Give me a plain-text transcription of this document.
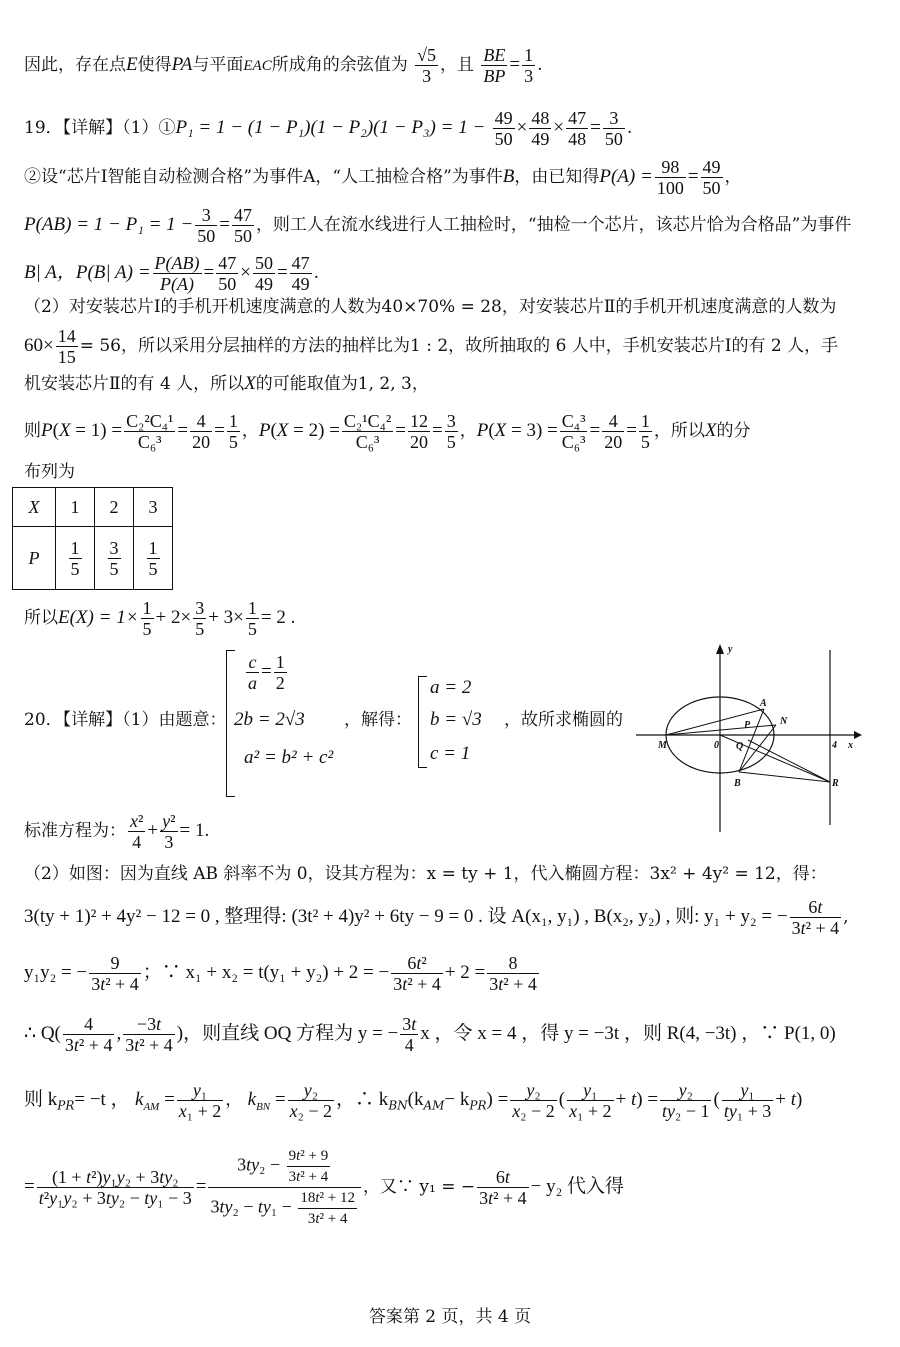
因此，存在点E使得PA与平面EAC所成角的余弦值为 $\frac{√5}{3}$ ，且 $\frac{BE}{BP} = \frac{1}{3}$ .
19．【详解】（1）①P₁ = $1 - (1 - P_1)(1 - P_2)(1 - P_3) = 1 - \frac{49}{50} \times \frac{48}{49} \times \frac{47}{48} = \frac{3}{50}$ .
②设“芯片Ⅰ智能自动检测合格”为事件A，“人工抽检合格”为事件B，由已知得$P(A) = \frac{98}{100} = \frac{49}{50}$ ，
$P(AB) = 1 - P_1 = 1 - \frac{3}{50} = \frac{47}{50}$ ，则工人在流水线进行人工抽检时，“抽检一个芯片，该芯片恰为合格品”为事件
B| A，P(B| $A) = \frac{P(AB)}{P(A)} = \frac{47}{50} \times \frac{50}{49} = \frac{47}{49}$ .
（2）对安装芯片Ⅰ的手机开机速度满意的人数为40×70% = 28，对安装芯片Ⅱ的手机开机速度满意的人数为
$60\times \frac{14}{15} = 56$，所以采用分层抽样的方法的抽样比为1 : 2，故所抽取的 6 人中，手机安装芯片Ⅰ的有 2 人，手
机安装芯片Ⅱ的有 4 人，所以X的可能取值为1, 2, 3，
则$P(X = 1) = \frac{\text{C₂²C₄¹}}{\text{C₆³}} = \frac{4}{20} = \frac{1}{5}$ ，$P(X = 2) = \frac{\text{C₂¹C₄²}}{\text{C₆³}} = \frac{12}{20} = \frac{3}{5}$ ，$P(X = 3) = \frac{\text{C₄³}}{\text{C₆³}} = \frac{4}{20} = \frac{1}{5}$ ，所以X的分
布列为
X	1	2	3
P	$\frac{1}{5}$	$\frac{3}{5}$	$\frac{1}{5}$
所以$E(X) = 1\times \frac{1}{5} + 2\times \frac{3}{5} + 3\times \frac{1}{5} = 2$ .
$\frac{c}{a} = \frac{1}{2}$
2b = 2√3
a² = b² + c²
20．【详解】（1）由题意：	，解得：
a = 2
b = √3
c = 1
，故所求椭圆的
标准方程为： $\frac{\text{x²}}{4} + \frac{\text{y²}}{3} = 1$.
y
x
M	0
A
N
P
Q
B	R
4
（2）如图：因为直线 AB 斜率不为 0，设其方程为：x = ty + 1，代入椭圆方程：3x² + 4y² = 12，得：
3(ty + 1)² + 4y² − 12 = 0 , 整理得: (3t² + 4)y² + 6ty − 9 = 0 . 设 A(x₁, y₁) , B(x₂, y₂) , 则: y₁ + y₂ = − $\frac{6t}{\text{3t² + 4}}$ ,
y₁y₂ = − $\frac{9}{\text{3t² + 4}}$ ；∵ x₁ + x₂ = t(y₁ + y₂) + 2 = − $\frac{\text{6t²}}{\text{3t² + 4}} + 2 = \frac{8}{\text{3t² + 4}}$
∴ $Q( \frac{4}{\text{3t² + 4}}$ , $\frac{-3t}{\text{3t² + 4}}$ )，则直线 OQ 方程为 y = − $\frac{3t}{4}$ x ，令 x = 4 ，得 y = −3t ，则 R(4, −3t) ，∵ P(1, 0)
则 $k_{PR}= -t$ ， $k_{AM} = \frac{\text{y₁}}{\text{x₁ + 2}}$ ， $k_{BN} = \frac{\text{y₂}}{\text{x₂ − 2}}$ ，∴ $k_{BN}(k_{AM}- k_{PR}) = \frac{\text{y₂}}{\text{x₂ − 2}}$ ( $\frac{\text{y₁}}{\text{x₁ + 2}} + t) = \frac{\text{y₂}}{\text{ty₂ − 1}}$ ( $\frac{\text{y₁}}{\text{ty₁ + 3}} + t$)
= $\frac{\text{(1 + t²)y₁y₂ + 3ty₂}}{\text{t²y₁y₂ + 3ty₂ − ty₁ − 3}} = \frac{3ty_2 - \frac{\text{9t² + 9}}{\text{3t² + 4}}}{3ty_2 - ty_1 - \frac{\text{18t² + 12}}{\text{3t² + 4}}}$ ，又∵ y₁ = − $\frac{6t}{\text{3t² + 4}} - y_2$ 代入得
答案第 2 页，共 4 页
